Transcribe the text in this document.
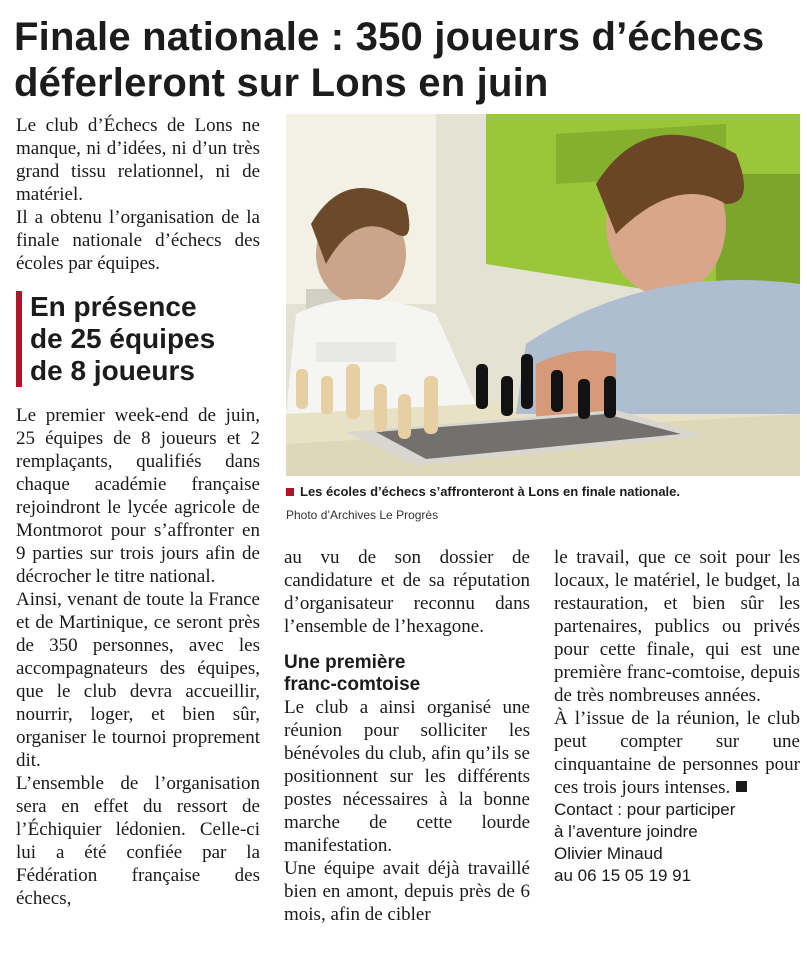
Finale nationale : 350 joueurs d’échecs
déferleront sur Lons en juin

Le club d’Échecs de Lons ne manque, ni d’idées, ni d’un très grand tissu relationnel, ni de matériel.

Il a obtenu l’organisation de la finale nationale d’échecs des écoles par équipes.

En présence
de 25 équipes
de 8 joueurs

Le premier week-end de juin, 25 équipes de 8 joueurs et 2 remplaçants, qualifiés dans chaque académie française rejoindront le lycée agricole de Montmorot pour s’affronter en 9 parties sur trois jours afin de décrocher le titre national.

Ainsi, venant de toute la France et de Martinique, ce seront près de 350 personnes, avec les accompagnateurs des équipes, que le club devra accueillir, nourrir, loger, et bien sûr, organiser le tournoi proprement dit.

L’ensemble de l’organisation sera en effet du ressort de l’Échiquier lédonien. Celle-ci lui a été confiée par la Fédération française des échecs,

Les écoles d’échecs s’affronteront à Lons en finale nationale.
Photo d’Archives Le Progrès

au vu de son dossier de candidature et de sa réputation d’organisateur reconnu dans l’ensemble de l’hexagone.

Une première
franc-comtoise

Le club a ainsi organisé une réunion pour solliciter les bénévoles du club, afin qu’ils se positionnent sur les différents postes nécessaires à la bonne marche de cette lourde manifestation.

Une équipe avait déjà travaillé bien en amont, depuis près de 6 mois, afin de cibler

le travail, que ce soit pour les locaux, le matériel, le budget, la restauration, et bien sûr les partenaires, publics ou privés pour cette finale, qui est une première franc-comtoise, depuis de très nombreuses années.

À l’issue de la réunion, le club peut compter sur une cinquantaine de personnes pour ces trois jours intenses.

Contact : pour participer
à l’aventure joindre
Olivier Minaud
au 06 15 05 19 91
